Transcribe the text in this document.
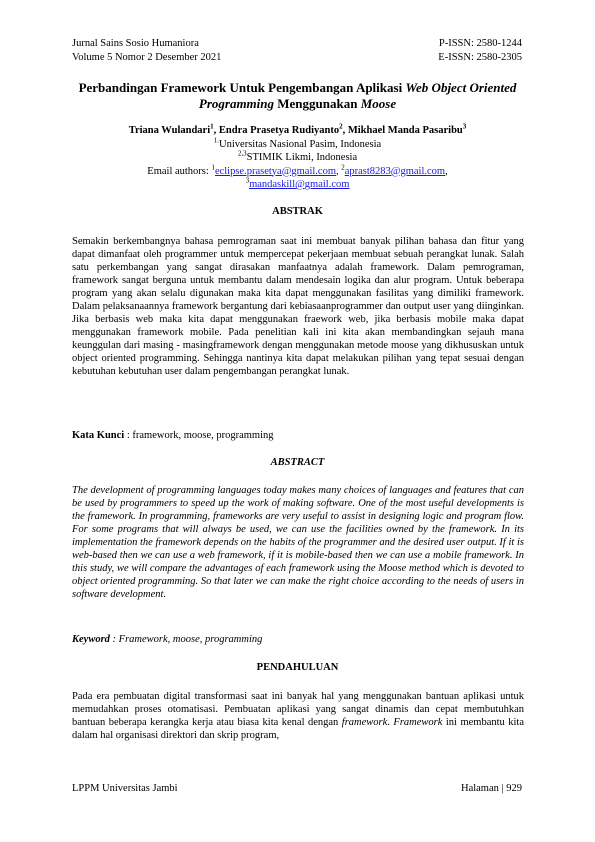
Jurnal Sains Sosio Humaniora
Volume 5 Nomor 2 Desember 2021
P-ISSN: 2580-1244
E-ISSN: 2580-2305
Perbandingan Framework Untuk Pengembangan Aplikasi Web Object Oriented Programming Menggunakan Moose
Triana Wulandari$^1$, Endra Prasetya Rudiyanto$^2$, Mikhael Manda Pasaribu$^3$
$^{1.}$Universitas Nasional Pasim, Indonesia
$^{2,3}$STIMIK Likmi, Indonesia
Email authors: $^1$eclipse.prasetya@gmail.com, $^2$aprast8283@gmail.com,
$^3$mandaskill@gmail.com
ABSTRAK
Semakin berkembangnya bahasa pemrograman saat ini membuat banyak pilihan bahasa dan fitur yang dapat dimanfaat oleh programmer untuk mempercepat pekerjaan membuat sebuah perangkat lunak. Salah satu perkembangan yang sangat dirasakan manfaatnya adalah framework. Dalam pemrograman, framework sangat berguna untuk membantu dalam mendesain logika dan alur program. Untuk beberapa program yang akan selalu digunakan maka kita dapat menggunakan fasilitas yang dimiliki framework. Dalam pelaksanaannya framework bergantung dari kebiasaanprogrammer dan output user yang diinginkan. Jika berbasis web maka kita dapat menggunakan fraework web, jika berbasis mobile maka dapat menggunakan framework mobile. Pada penelitian kali ini kita akan membandingkan sejauh mana keunggulan dari masing - masingframework dengan menggunakan metode moose yang dikhususkan untuk object oriented programming. Sehingga nantinya kita dapat melakukan pilihan yang tepat sesuai dengan kebutuhan kebutuhan user dalam pengembangan perangkat lunak.
Kata Kunci : framework, moose, programming
ABSTRACT
The development of programming languages today makes many choices of languages and features that can be used by programmers to speed up the work of making software. One of the most useful developments is the framework. In programming, frameworks are very useful to assist in designing logic and program flow. For some programs that will always be used, we can use the facilities owned by the framework. In its implementation the framework depends on the habits of the programmer and the desired user output. If it is web-based then we can use a web framework, if it is mobile-based then we can use a mobile framework. In this study, we will compare the advantages of each framework using the Moose method which is devoted to object oriented programming. So that later we can make the right choice according to the needs of users in software development.
Keyword : Framework, moose, programming
PENDAHULUAN
Pada era pembuatan digital transformasi saat ini banyak hal yang menggunakan bantuan aplikasi untuk memudahkan proses otomatisasi. Pembuatan aplikasi yang sangat dinamis dan cepat membutuhkan bantuan beberapa kerangka kerja atau biasa kita kenal dengan framework. Framework ini membantu kita dalam hal organisasi direktori dan skrip program,
LPPM Universitas Jambi	Halaman | 929
